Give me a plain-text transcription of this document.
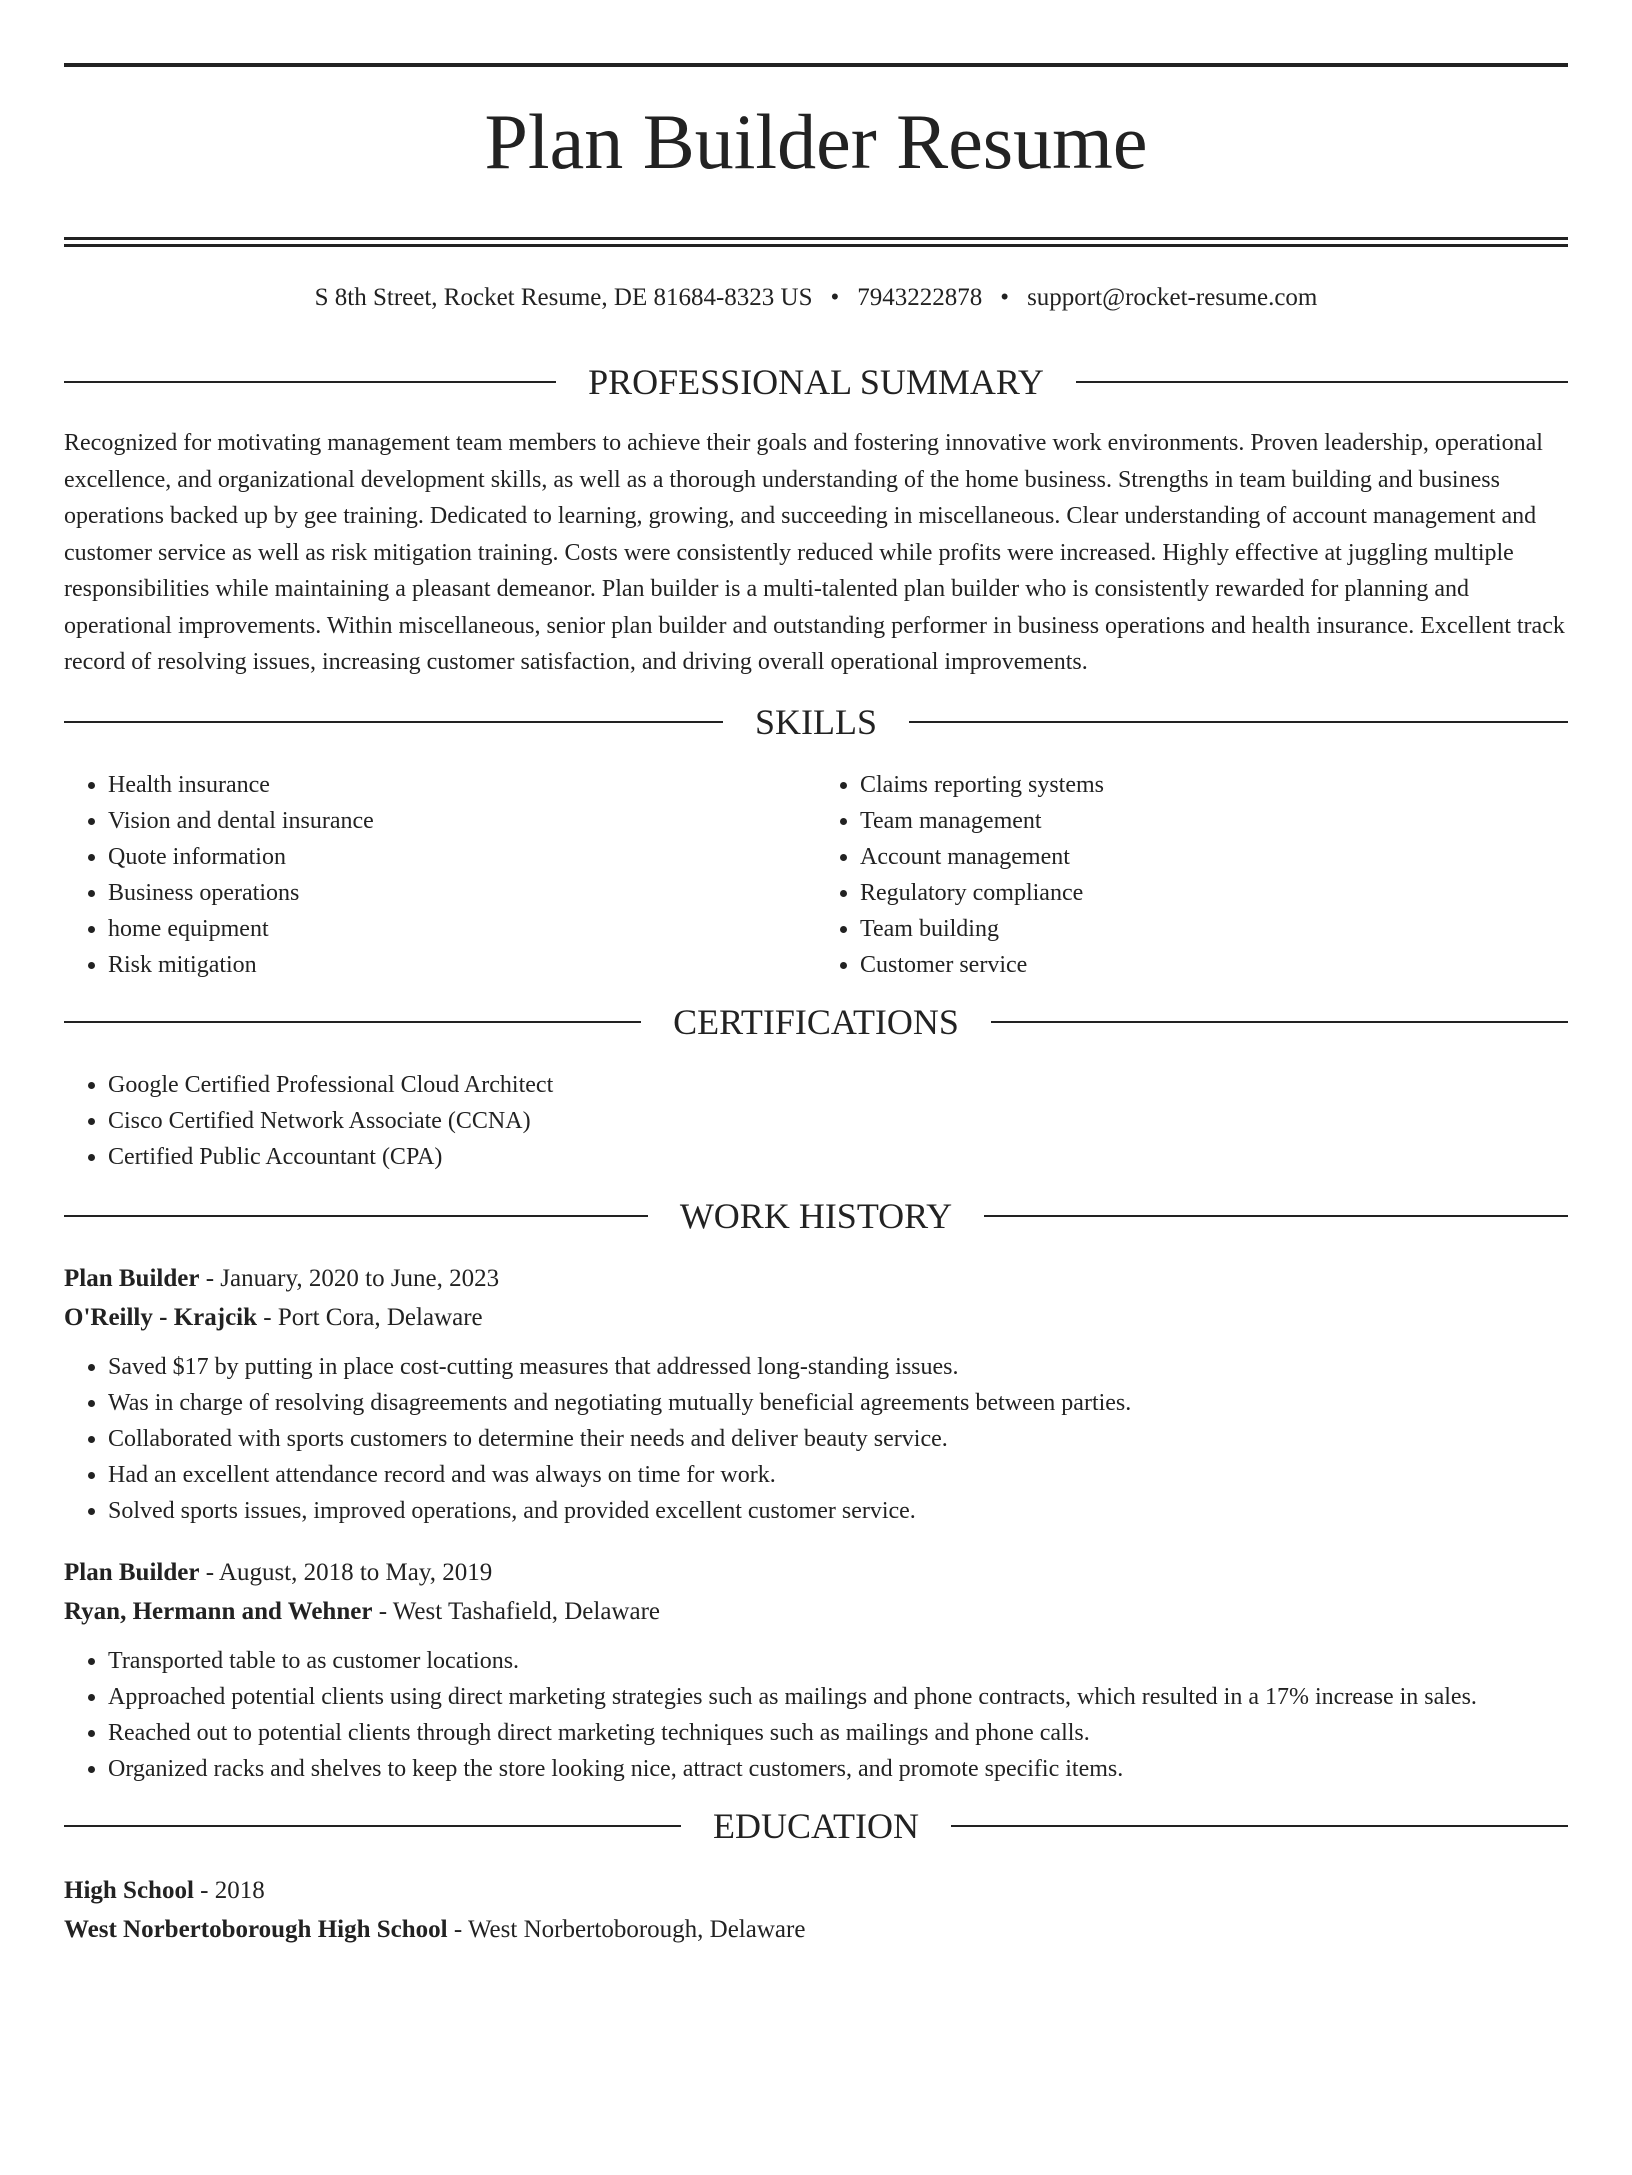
Plan Builder Resume
S 8th Street, Rocket Resume, DE 81684-8323 US • 7943222878 • support@rocket-resume.com
PROFESSIONAL SUMMARY

Recognized for motivating management team members to achieve their goals and fostering innovative work environments. Proven leadership, operational excellence, and organizational development skills, as well as a thorough understanding of the home business. Strengths in team building and business operations backed up by gee training. Dedicated to learning, growing, and succeeding in miscellaneous. Clear understanding of account management and customer service as well as risk mitigation training. Costs were consistently reduced while profits were increased. Highly effective at juggling multiple responsibilities while maintaining a pleasant demeanor. Plan builder is a multi-talented plan builder who is consistently rewarded for planning and operational improvements. Within miscellaneous, senior plan builder and outstanding performer in business operations and health insurance. Excellent track record of resolving issues, increasing customer satisfaction, and driving overall operational improvements.

SKILLS
• Health insurance
• Vision and dental insurance
• Quote information
• Business operations
• home equipment
• Risk mitigation
• Claims reporting systems
• Team management
• Account management
• Regulatory compliance
• Team building
• Customer service
CERTIFICATIONS
• Google Certified Professional Cloud Architect
• Cisco Certified Network Associate (CCNA)
• Certified Public Accountant (CPA)
WORK HISTORY
Plan Builder - January, 2020 to June, 2023
O'Reilly - Krajcik - Port Cora, Delaware
• Saved $17 by putting in place cost-cutting measures that addressed long-standing issues.
• Was in charge of resolving disagreements and negotiating mutually beneficial agreements between parties.
• Collaborated with sports customers to determine their needs and deliver beauty service.
• Had an excellent attendance record and was always on time for work.
• Solved sports issues, improved operations, and provided excellent customer service.
Plan Builder - August, 2018 to May, 2019
Ryan, Hermann and Wehner - West Tashafield, Delaware
• Transported table to as customer locations.
• Approached potential clients using direct marketing strategies such as mailings and phone contracts, which resulted in a 17% increase in sales.
• Reached out to potential clients through direct marketing techniques such as mailings and phone calls.
• Organized racks and shelves to keep the store looking nice, attract customers, and promote specific items.
EDUCATION
High School - 2018
West Norbertoborough High School - West Norbertoborough, Delaware
